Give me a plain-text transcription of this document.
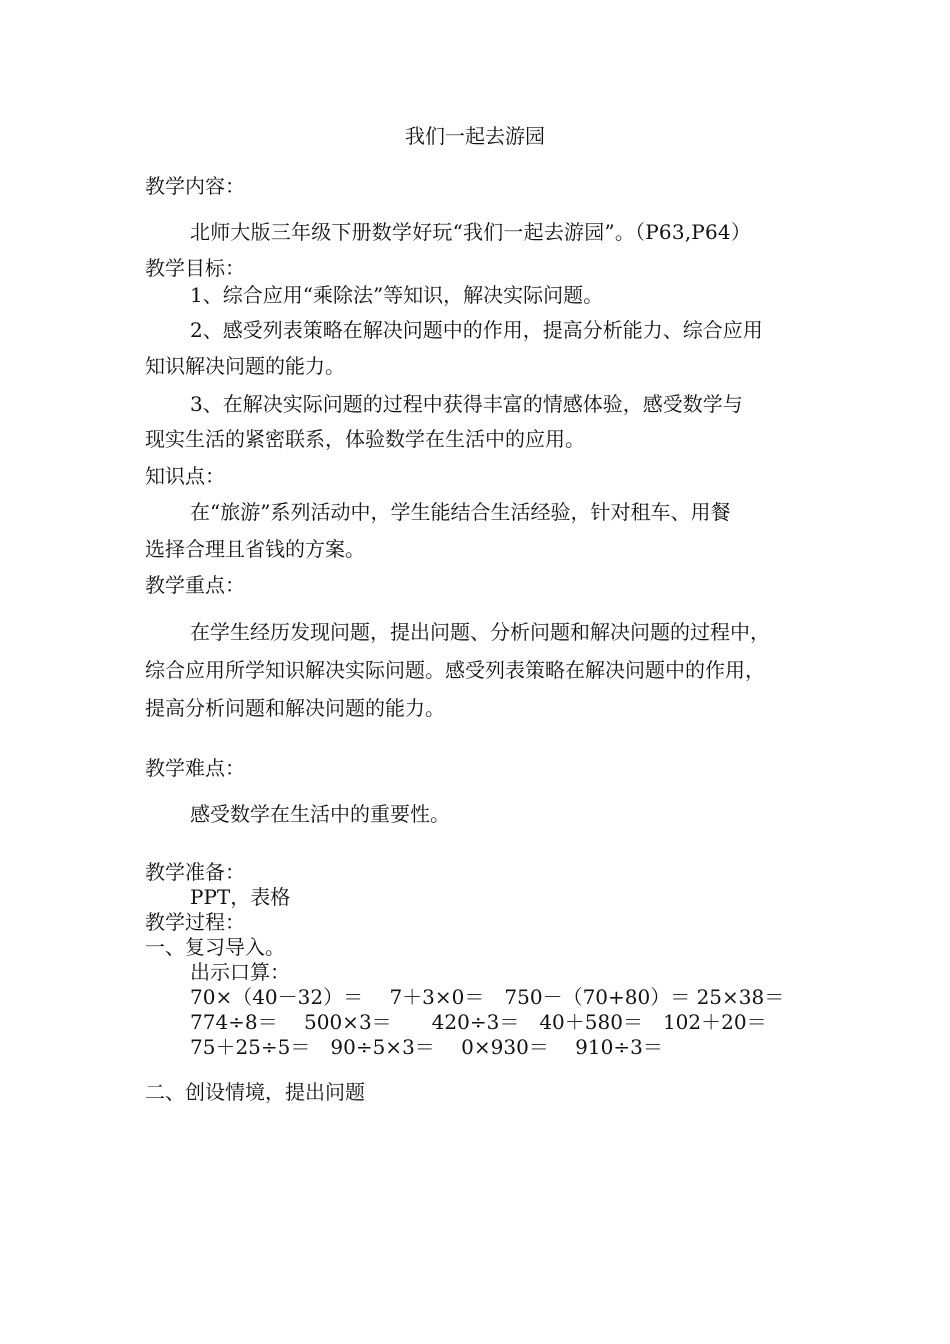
我们一起去游园
教学内容：
北师大版三年级下册数学好玩“我们一起去游园”。（P63,P64）
教学目标：
1、综合应用“乘除法”等知识，解决实际问题。
2、感受列表策略在解决问题中的作用，提高分析能力、综合应用
知识解决问题的能力。
3、在解决实际问题的过程中获得丰富的情感体验，感受数学与
现实生活的紧密联系，体验数学在生活中的应用。
知识点：
在“旅游”系列活动中，学生能结合生活经验，针对租车、用餐
选择合理且省钱的方案。
教学重点：
在学生经历发现问题，提出问题、分析问题和解决问题的过程中，
综合应用所学知识解决实际问题。感受列表策略在解决问题中的作用，
提高分析问题和解决问题的能力。
教学难点：
感受数学在生活中的重要性。
教学准备：
PPT，表格
教学过程：
一、复习导入。
出示口算：
70×（40－32）＝　 7＋3×0＝　750－（70+80）＝ 25×38＝
774÷8＝　 500×3＝　　420÷3＝　40＋580＝　102＋20＝
75＋25÷5＝　90÷5×3＝　 0×930＝　 910÷3＝
二、创设情境，提出问题
